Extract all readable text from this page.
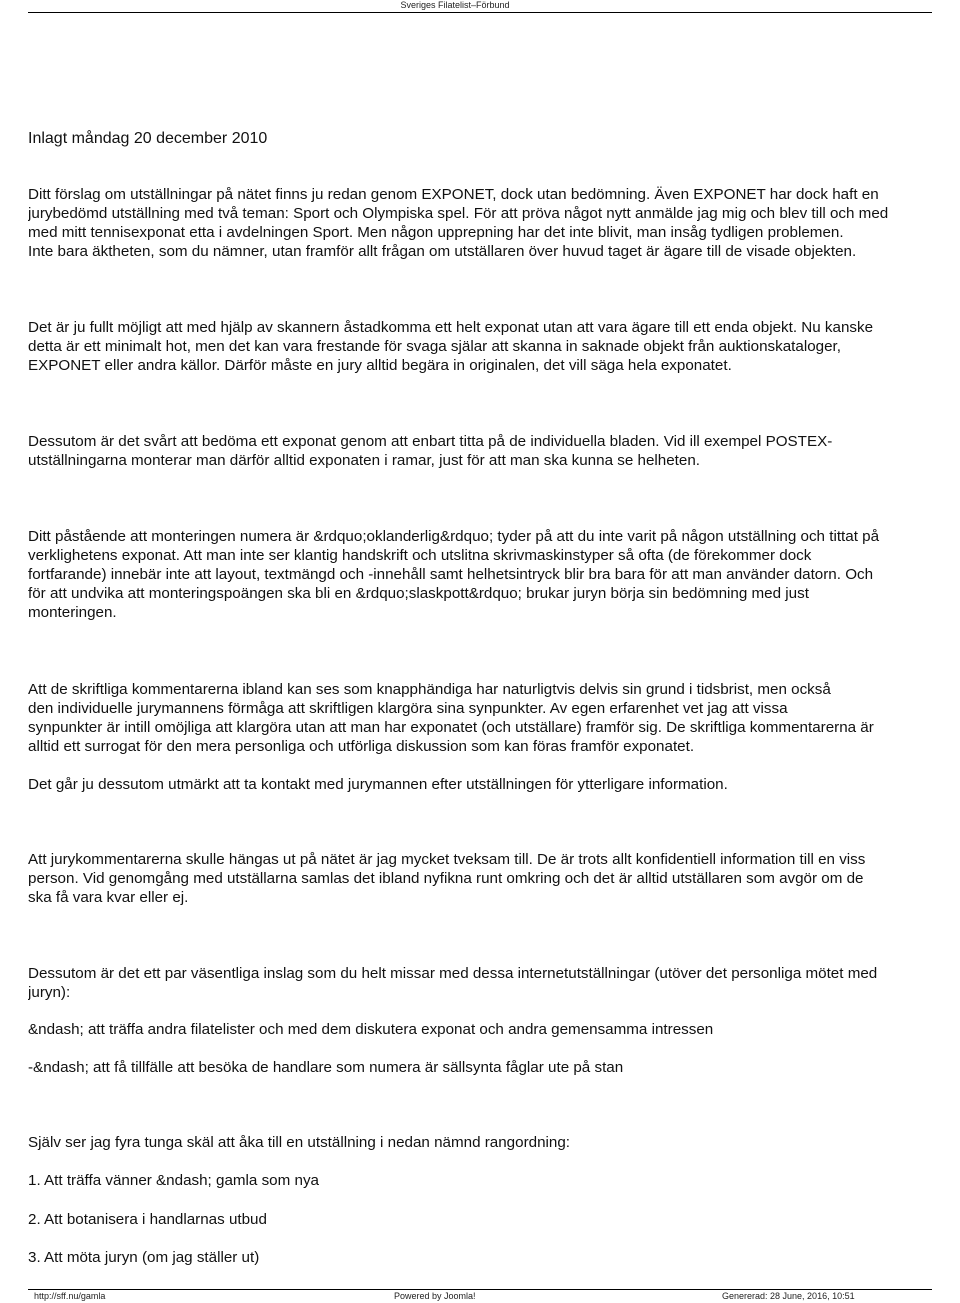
Sveriges Filatelist–Förbund

Inlagt måndag 20 december 2010

Ditt förslag om utställningar på nätet finns ju redan genom EXPONET, dock utan bedömning. Även EXPONET har dock haft en
jurybedömd utställning med två teman: Sport och Olympiska spel. För att pröva något nytt anmälde jag mig och blev till och med
med mitt tennisexponat etta i avdelningen Sport. Men någon upprepning har det inte blivit, man insåg tydligen problemen.
Inte bara äktheten, som du nämner, utan framför allt frågan om utställaren över huvud taget är ägare till de visade objekten.

Det är ju fullt möjligt att med hjälp av skannern åstadkomma ett helt exponat utan att vara ägare till ett enda objekt. Nu kanske
detta är ett minimalt hot, men det kan vara frestande för svaga själar att skanna in saknade objekt från auktionskataloger,
EXPONET eller andra källor. Därför måste en jury alltid begära in originalen, det vill säga hela exponatet.

Dessutom är det svårt att bedöma ett exponat genom att enbart titta på de individuella bladen. Vid ill exempel POSTEX-
utställningarna monterar man därför alltid exponaten i ramar, just för att man ska kunna se helheten.

Ditt påstående att monteringen numera är &rdquo;oklanderlig&rdquo; tyder på att du inte varit på någon utställning och tittat på
verklighetens exponat. Att man inte ser klantig handskrift och utslitna skrivmaskinstyper så ofta (de förekommer dock
fortfarande) innebär inte att layout, textmängd och -innehåll samt helhetsintryck blir bra bara för att man använder datorn. Och
för att undvika att monteringspoängen ska bli en &rdquo;slaskpott&rdquo; brukar juryn börja sin bedömning med just
monteringen.

Att de skriftliga kommentarerna ibland kan ses som knapphändiga har naturligtvis delvis sin grund i tidsbrist, men också
den individuelle jurymannens förmåga att skriftligen klargöra sina synpunkter. Av egen erfarenhet vet jag att vissa
synpunkter är intill omöjliga att klargöra utan att man har exponatet (och utställare) framför sig. De skriftliga kommentarerna är
alltid ett surrogat för den mera personliga och utförliga diskussion som kan föras framför exponatet.

Det går ju dessutom utmärkt att ta kontakt med jurymannen efter utställningen för ytterligare information.

Att jurykommentarerna skulle hängas ut på nätet är jag mycket tveksam till. De är trots allt konfidentiell information till en viss
person. Vid genomgång med utställarna samlas det ibland nyfikna runt omkring och det är alltid utställaren som avgör om de
ska få vara kvar eller ej.

Dessutom är det ett par väsentliga inslag som du helt missar med dessa internetutställningar (utöver det personliga mötet med
juryn):

&ndash; att träffa andra filatelister och med dem diskutera exponat och andra gemensamma intressen

-&ndash; att få tillfälle att besöka de handlare som numera är sällsynta fåglar ute på stan

Själv ser jag fyra tunga skäl att åka till en utställning i nedan nämnd rangordning:

1. Att träffa vänner &ndash; gamla som nya

2. Att botanisera i handlarnas utbud

3. Att möta juryn (om jag ställer ut)

http://sff.nu/gamla	Powered by Joomla!	Genererad: 28 June, 2016, 10:51
